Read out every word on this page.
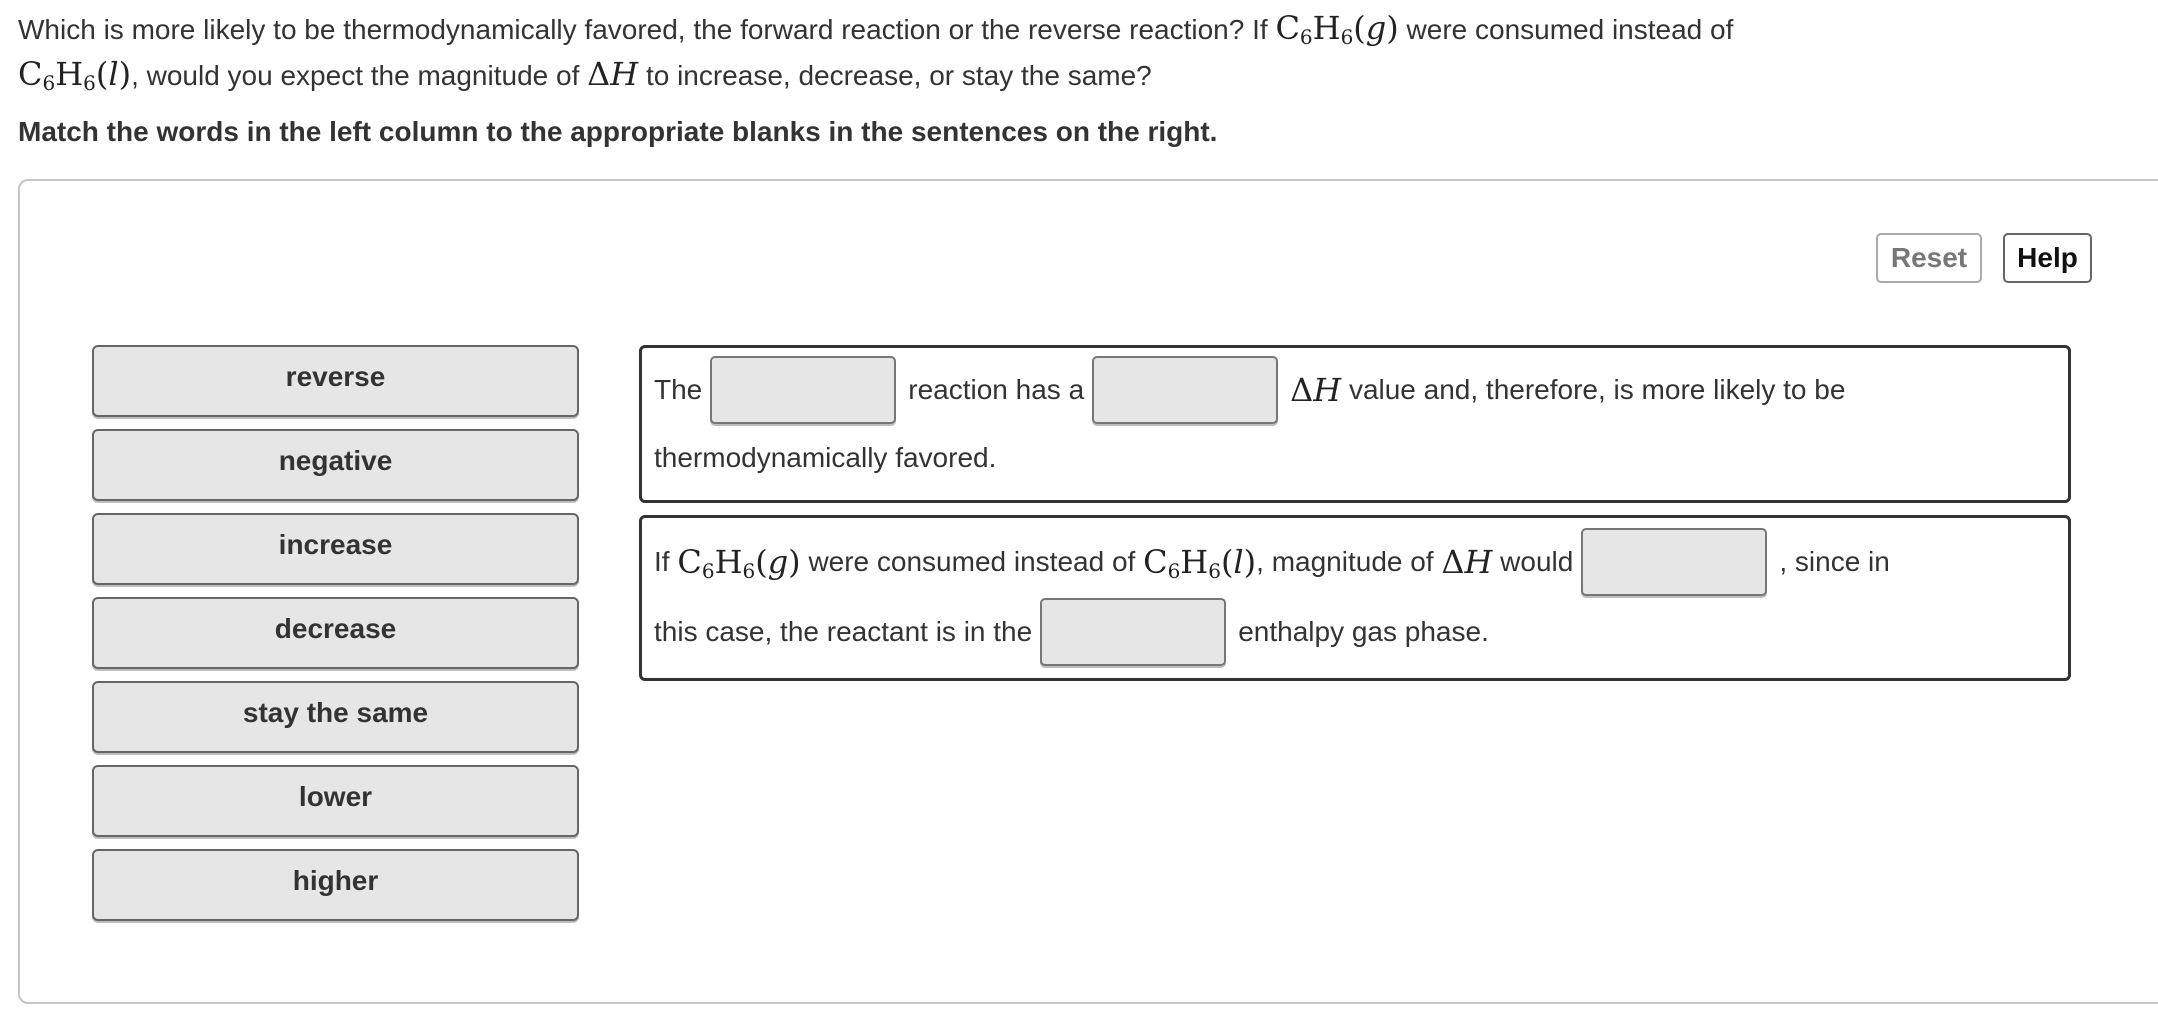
Which is more likely to be thermodynamically favored, the forward reaction or the reverse reaction? If $C_6H_6(g)$ were consumed instead of
$C_6H_6(l)$, would you expect the magnitude of ΔH to increase, decrease, or stay the same?
Match the words in the left column to the appropriate blanks in the sentences on the right.
Reset	Help
reverse
negative
increase
decrease
stay the same
lower
higher
The	reaction has a	ΔH
value and, therefore, is more likely to be
thermodynamically favored.
If
$C_6H_6(g)$
were consumed instead of
$C_6H_6(l)$ , magnitude of
ΔH
would	, since in
this case, the reactant is in the	enthalpy gas phase.
